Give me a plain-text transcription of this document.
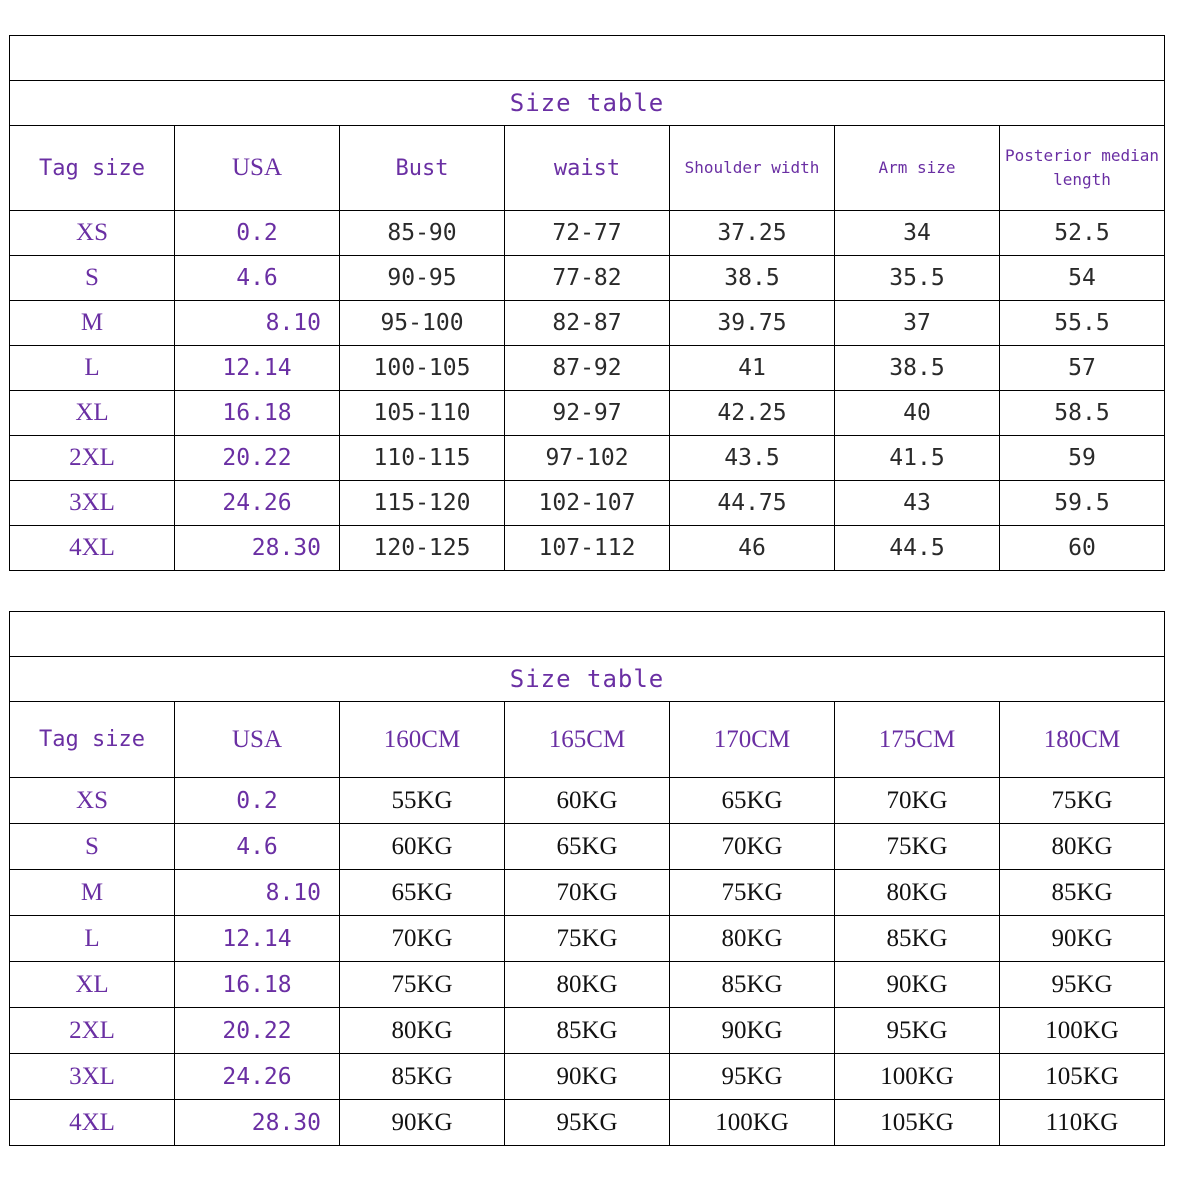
Size table						
Tag size	USA	Bust	waist	Shoulder width	Arm size	Posterior median length
XS	0.2	85-90	72-77	37.25	34	52.5
S	4.6	90-95	77-82	38.5	35.5	54
M	8.10	95-100	82-87	39.75	37	55.5
L	12.14	100-105	87-92	41	38.5	57
XL	16.18	105-110	92-97	42.25	40	58.5
2XL	20.22	110-115	97-102	43.5	41.5	59
3XL	24.26	115-120	102-107	44.75	43	59.5
4XL	28.30	120-125	107-112	46	44.5	60

Size table						
Tag size	USA	160CM	165CM	170CM	175CM	180CM
XS	0.2	55KG	60KG	65KG	70KG	75KG
S	4.6	60KG	65KG	70KG	75KG	80KG
M	8.10	65KG	70KG	75KG	80KG	85KG
L	12.14	70KG	75KG	80KG	85KG	90KG
XL	16.18	75KG	80KG	85KG	90KG	95KG
2XL	20.22	80KG	85KG	90KG	95KG	100KG
3XL	24.26	85KG	90KG	95KG	100KG	105KG
4XL	28.30	90KG	95KG	100KG	105KG	110KG
